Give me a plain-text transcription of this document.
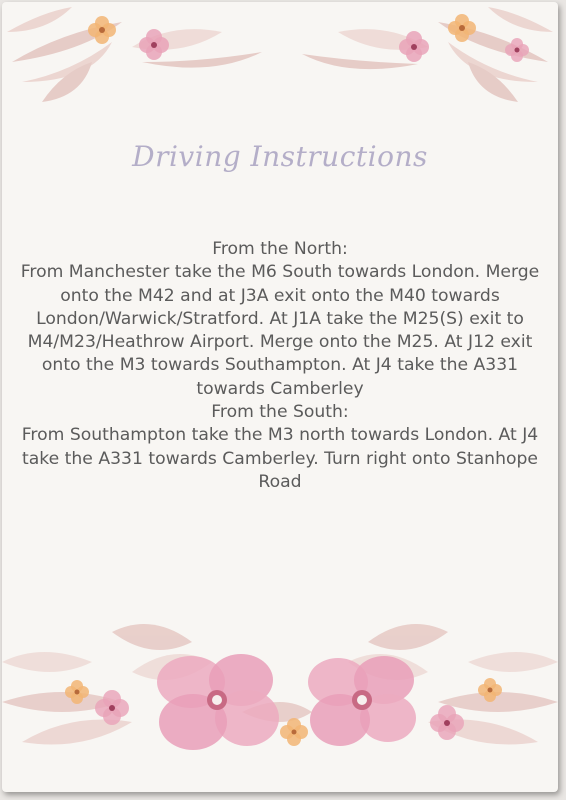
Driving Instructions

From the North:

From Manchester take the M6 South towards London. Merge onto the M42 and at J3A exit onto the M40 towards London/Warwick/Stratford. At J1A take the M25(S) exit to M4/M23/Heathrow Airport. Merge onto the M25. At J12 exit onto the M3 towards Southampton. At J4 take the A331 towards Camberley

From the South:

From Southampton take the M3 north towards London. At J4 take the A331 towards Camberley. Turn right onto Stanhope Road
